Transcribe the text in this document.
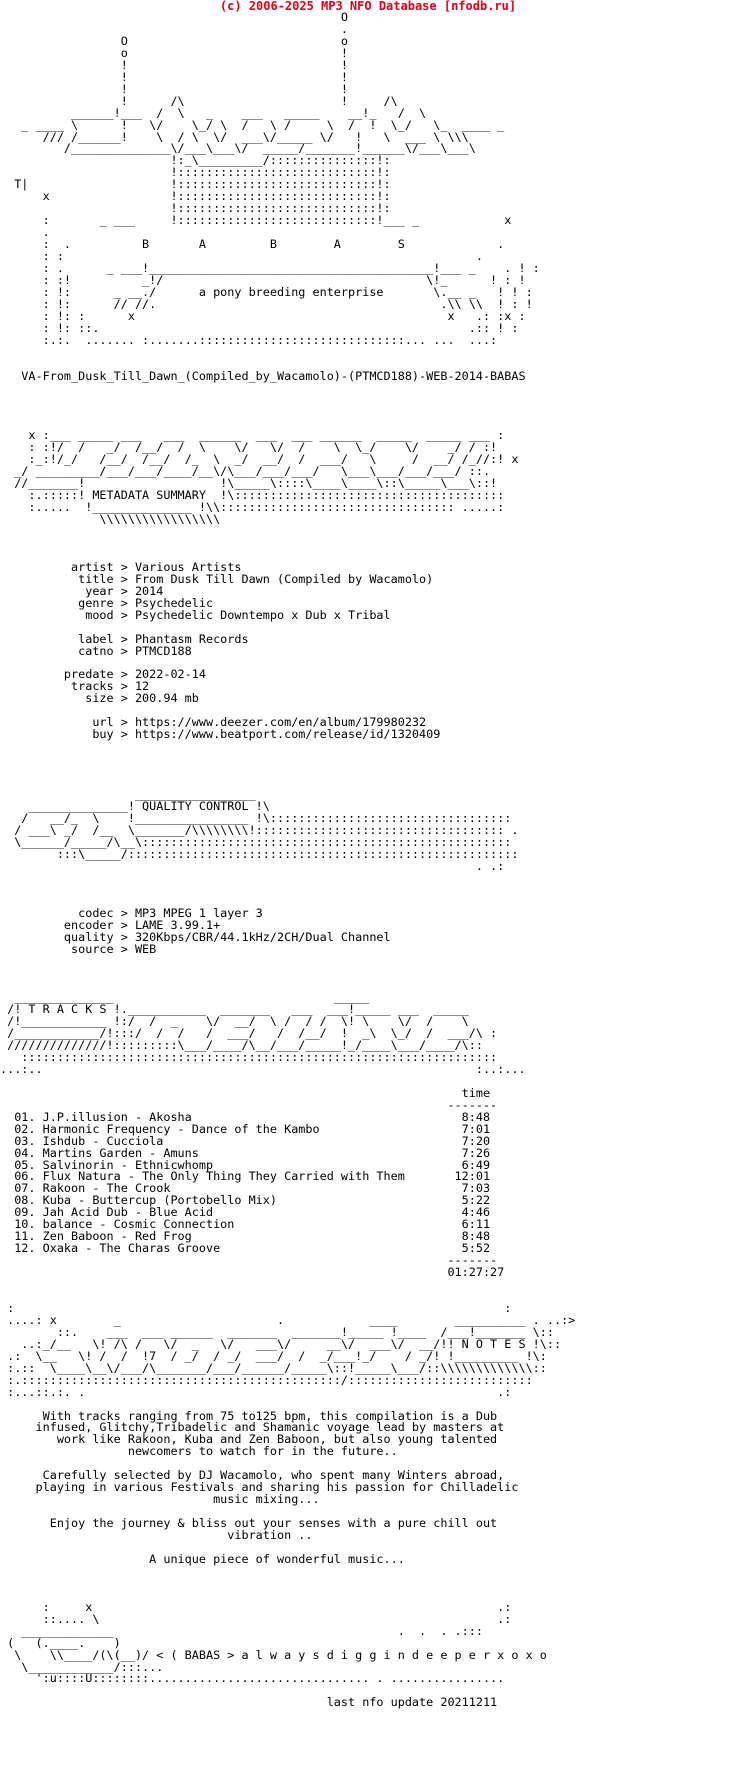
(c) 2006-2025 MP3 NFO Database [nfodb.ru]
O
.
O                              o
o                              !
!                              !
!                              !
!                              !
!      /\                      !     /\
______!___  /  \   _    ___   _____    __!_   /  \
_ ____ \      !   \/    \_/ \  /   \ /     \  /  !  \_/   \_  ____ _
/// /______!    \  / \  \/  ___\/_____ \/   !   \  ___ \ \\\
/______________\/___\___\/  _____/_______!______\/___\___\
!:_\_________/:::::::::::::::!:
!::::::::::::::::::::::::::::!:
T|                    !::::::::::::::::::::::::::::!:
x                 !::::::::::::::::::::::::::::!:
!::::::::::::::::::::::::::::!:
:       _ ___     !::::::::::::::::::::::::::::!___ _            x
.
:  .          B       A         B        A        S             .
: :                                                          .
: .      _ ___!________________________________________!___ _    . ! :
: :!          _!/                                     \!_      ! : !
: !:      _ __./      a pony breeding enterprise       \.__ _   ! ! :
: !:      // //.                                        .\\ \\  ! : !
: !: :      x                                            x   .: :x :
: !: ::.                                                    .:: ! :
:.:.  ....... :.......:::::::::::::::::::::::::::::... ...  ...:

VA-From_Dusk_Till_Dawn_(Compiled_by_Wacamolo)-(PTMCD188)-WEB-2014-BABAS

x :___ _____ ___   ___  ______  ___  ___ ______  _____  _____ ___ :
: :!/  /   _/  /__/  /  \    \/   \/  /    \  \_/    \/    _/ / :!
:_:!/_/   /__/  /__/  /_  \  _/  __/  /  ___/   \     /  __/ /_//:! x
_/ _________/___/___/____/__\/\___/___/___/   \___\___/___/___/ ::.
//_______!                   !\_____\::::\____\____\::\_____\___\::!
:.:::::! METADATA SUMMARY  !\::::::::::::::::::::::::::::::::::::::
:.....  !______________ !\\::::::::::::::::::::::::::::::::: .....:
\\\\\\\\\\\\\\\\\

artist > Various Artists
title > From Dusk Till Dawn (Compiled by Wacamolo)
year > 2014
genre > Psychedelic
mood > Psychedelic Downtempo x Dub x Tribal

label > Phantasm Records
catno > PTMCD188

predate > 2022-02-14
tracks > 12
size > 200.94 mb

url > https://www.deezer.com/en/album/179980232
buy > https://www.beatport.com/release/id/1320409

_________________
______________! QUALITY CONTROL !\
/   __/_  \    !________________ !\::::::::::::::::::::::::::::::::::
/ ___\ _/  /__  \_______/\\\\\\\\!::::::::::::::::::::::::::::::::::: .
\______/_____/\__\::::::::::::::::::::::::::::::::::::::::::::::::::::
:::\_____/:::::::::::::::::::::::::::::::::::::::::::::::::::::::
. .:

codec > MP3 MPEG 1 layer 3
encoder > LAME 3.99.1+
quality > 320Kbps/CBR/44.1kHz/2CH/Dual Channel
source > WEB

______________                               _____
/! T R A C K S !.___________  _______   ___  ___!_____ ___  _____
/!____________ !:/  /  _    \/  __/  \ /  / /  \! \    \/  /    \
/____________/!:::/  /  /   /  ___/   /  /__/  !  _\  \_/  /  ___/\ :
//////////////!:::::::::\___/____/\__/___/_____!_/____\___/____/\::
:::::::::::::::::::::::::::::::::::::::::::::::::::::::::::::::::::
...:..                                                             :..:...

time
-------
01. J.P.illusion - Akosha                                      8:48
02. Harmonic Frequency - Dance of the Kambo                    7:01
03. Ishdub - Cucciola                                          7:20
04. Martins Garden - Amuns                                     7:26
05. Salvinorin - Ethnicwhomp                                   6:49
06. Flux Natura - The Only Thing They Carried with Them       12:01
07. Rakoon - The Crook                                         7:03
08. Kuba - Buttercup (Portobello Mix)                          5:22
09. Jah Acid Dub - Blue Acid                                   4:46
10. balance - Cosmic Connection                                6:11
11. Zen Baboon - Red Frog                                      8:48
12. Oxaka - The Charas Groove                                  5:52
-------
01:27:27

:                                                                     :
....: x        _                      .            ____        __________ . ..:>
::.    ___  ___ ______  _______  _______!_____ !____  /___!_______ \::
..:_/__   \! /\ /   \/  _   \/   ___\/     __\/  ___\/  __/!! N O T E S !\::
.:  \__   \! /  /  !7  / _/  / _/  ___/  /  _/___!_/    / _/! !_________ !\:
:.::  \____\__\/___/\_______/___/______/_____\::!_____\___/::\\\\\\\\\\\\\::
:.:::::::::::::::::::::::::::::::::::::::::::::/::::::::::::::::::::::::::
:...::.:. .                                                          .:

With tracks ranging from 75 to125 bpm, this compilation is a Dub
infused, Glitchy,Tribadelic and Shamanic voyage lead by masters at
work like Rakoon, Kuba and Zen Baboon, but also young talented
newcomers to watch for in the future..

Carefully selected by DJ Wacamolo, who spent many Winters abroad,
playing in various Festivals and sharing his passion for Chilladelic
music mixing...

Enjoy the journey & bliss out your senses with a pure chill out
vibration ..

A unique piece of wonderful music...

:     x                                                         .:
::.... \                                                        .:
_____________                                        .  .  . .:::
(   (.____.    )
\    \\____/(\(__)/ < ( BABAS > a l w a y s d i g g i n d e e p e r x o x o
\____________/:::...
':u::::U::::::::............................... . ................

last nfo update 20211211
